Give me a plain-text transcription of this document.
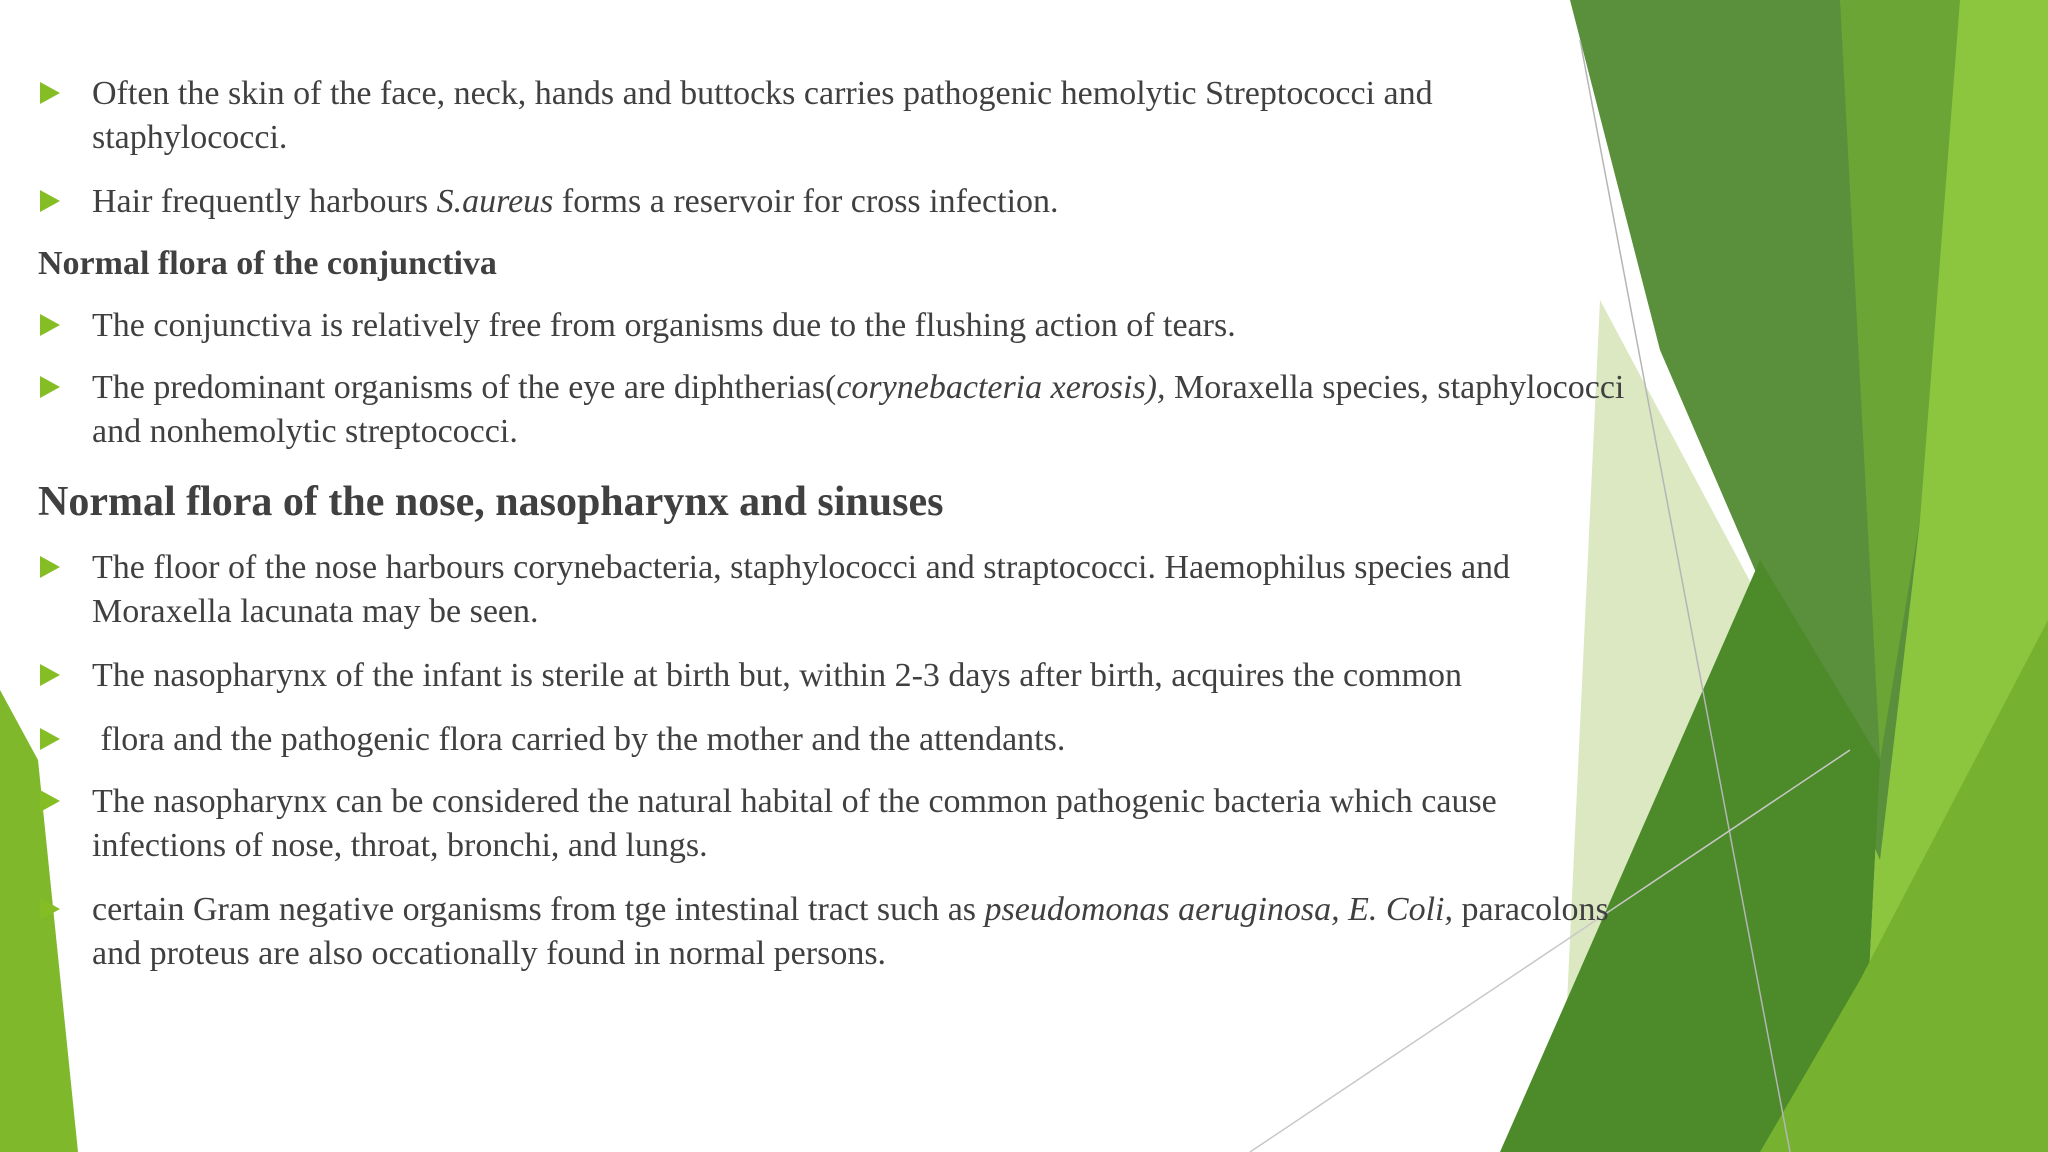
Often the skin of the face, neck, hands and buttocks carries pathogenic hemolytic Streptococci and staphylococci.

Hair frequently harbours S.aureus forms a reservoir for cross infection.

Normal flora of the conjunctiva

The conjunctiva is relatively free from organisms due to the flushing action of tears.

The predominant organisms of the eye are diphtherias(corynebacteria xerosis), Moraxella species, staphylococci and nonhemolytic streptococci.

Normal flora of the nose, nasopharynx and sinuses

The floor of the nose harbours corynebacteria, staphylococci and straptococci. Haemophilus species and Moraxella lacunata may be seen.

The nasopharynx of the infant is sterile at birth but, within 2-3 days after birth, acquires the common

flora and the pathogenic flora carried by the mother and the attendants.

The nasopharynx can be considered the natural habital of the common pathogenic bacteria which cause infections of nose, throat, bronchi, and lungs.

certain Gram negative organisms from tge intestinal tract such as pseudomonas aeruginosa, E. Coli, paracolons and proteus are also occationally found in normal persons.
